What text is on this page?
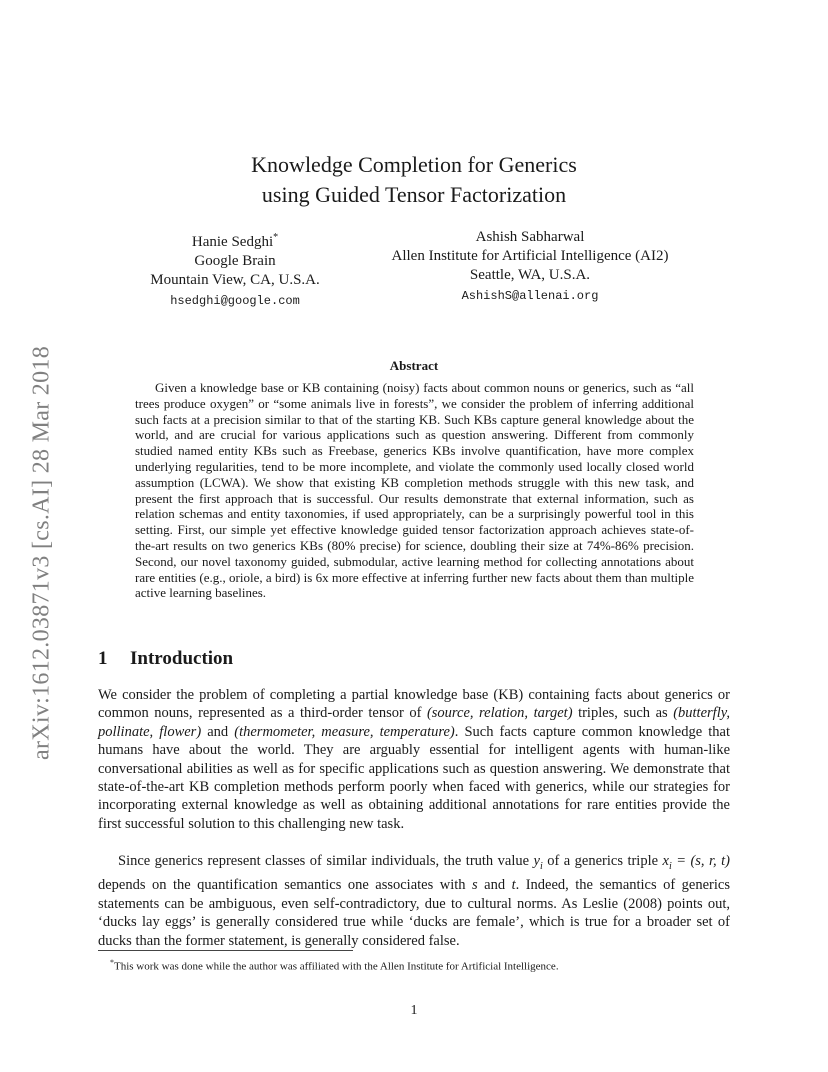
arXiv:1612.03871v3 [cs.AI] 28 Mar 2018
Knowledge Completion for Generics
using Guided Tensor Factorization
Hanie Sedghi*
Google Brain
Mountain View, CA, U.S.A.
hsedghi@google.com
Ashish Sabharwal
Allen Institute for Artificial Intelligence (AI2)
Seattle, WA, U.S.A.
AshishS@allenai.org
Abstract
Given a knowledge base or KB containing (noisy) facts about common nouns or generics, such as “all trees produce oxygen” or “some animals live in forests”, we consider the problem of inferring additional such facts at a precision similar to that of the starting KB. Such KBs capture general knowledge about the world, and are crucial for various applications such as question answering. Different from commonly studied named entity KBs such as Freebase, generics KBs involve quantification, have more complex underlying regularities, tend to be more incomplete, and violate the commonly used locally closed world assumption (LCWA). We show that existing KB completion methods struggle with this new task, and present the first approach that is successful. Our results demonstrate that external information, such as relation schemas and entity taxonomies, if used appropriately, can be a surprisingly powerful tool in this setting. First, our simple yet effective knowledge guided tensor factorization approach achieves state-of-the-art results on two generics KBs (80% precise) for science, doubling their size at 74%-86% precision. Second, our novel taxonomy guided, submodular, active learning method for collecting annotations about rare entities (e.g., oriole, a bird) is 6x more effective at inferring further new facts about them than multiple active learning baselines.
1 Introduction
We consider the problem of completing a partial knowledge base (KB) containing facts about generics or common nouns, represented as a third-order tensor of (source, relation, target) triples, such as (butterfly, pollinate, flower) and (thermometer, measure, temperature). Such facts capture common knowledge that humans have about the world. They are arguably essential for intelligent agents with human-like conversational abilities as well as for specific applications such as question answering. We demonstrate that state-of-the-art KB completion methods perform poorly when faced with generics, while our strategies for incorporating external knowledge as well as obtaining additional annotations for rare entities provide the first successful solution to this challenging new task.
Since generics represent classes of similar individuals, the truth value $y_i$ of a generics triple $x_i = (s$, r, t) depends on the quantification semantics one associates with s and t. Indeed, the semantics of generics statements can be ambiguous, even self-contradictory, due to cultural norms. As Leslie (2008) points out, ‘ducks lay eggs’ is generally considered true while ‘ducks are female’, which is true for a broader set of ducks than the former statement, is generally considered false.
*This work was done while the author was affiliated with the Allen Institute for Artificial Intelligence.
1
